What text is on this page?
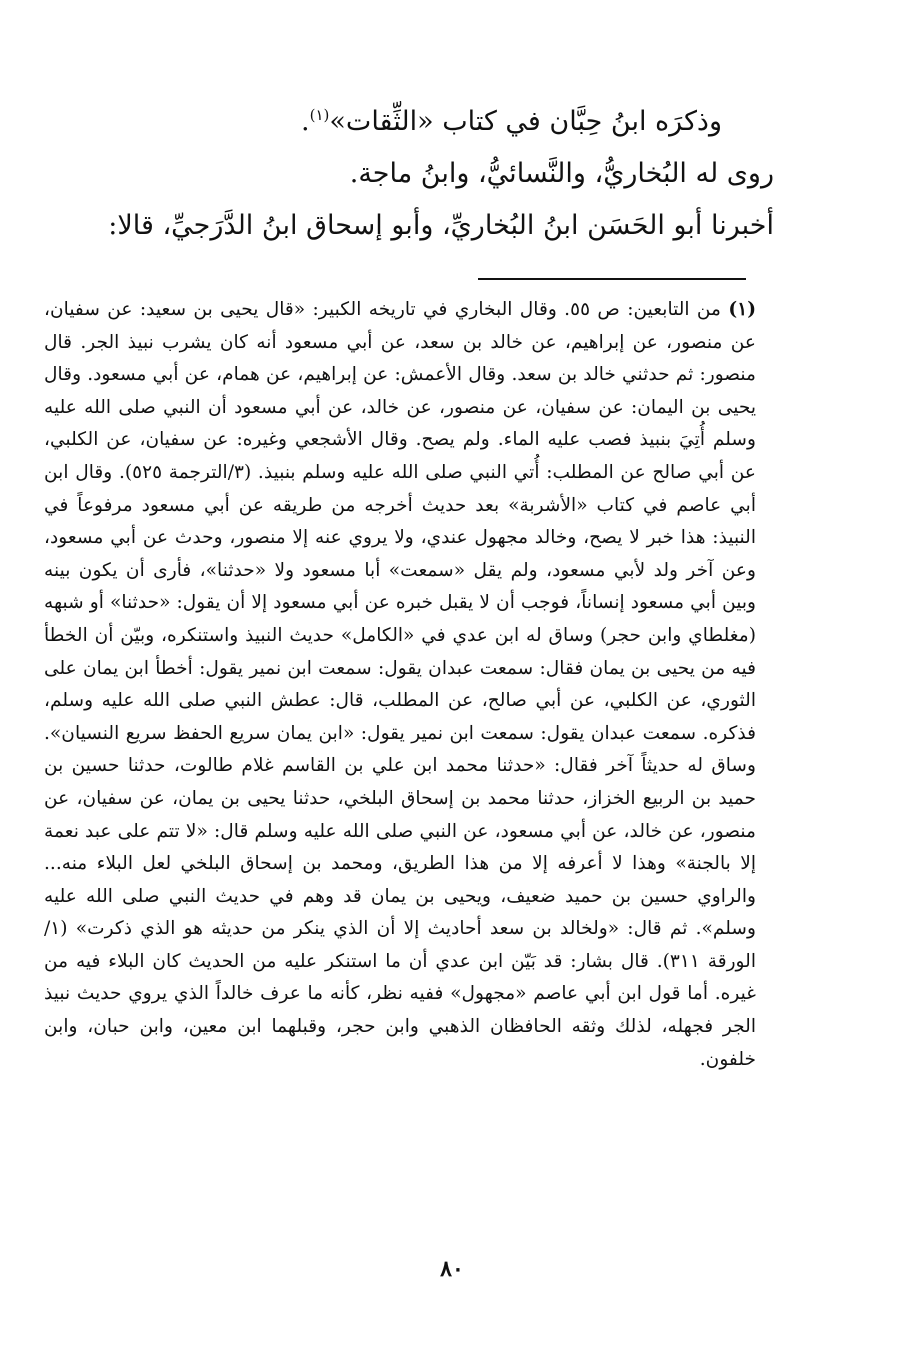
وذكرَه ابنُ حِبَّان في كتاب «الثِّقات»$^{(١)}$.

روى له البُخاريُّ، والنَّسائيُّ، وابنُ ماجة.

أخبرنا أبو الحَسَن ابنُ البُخاريِّ، وأبو إسحاق ابنُ الدَّرَجيِّ، قالا:

(١) من التابعين: ص ٥٥. وقال البخاري في تاريخه الكبير: «قال يحيى بن سعيد: عن سفيان، عن منصور، عن إبراهيم، عن خالد بن سعد، عن أبي مسعود أنه كان يشرب نبيذ الجر. قال منصور: ثم حدثني خالد بن سعد. وقال الأعمش: عن إبراهيم، عن همام، عن أبي مسعود. وقال يحيى بن اليمان: عن سفيان، عن منصور، عن خالد، عن أبي مسعود أن النبي صلى الله عليه وسلم أُتِيَ بنبيذ فصب عليه الماء. ولم يصح. وقال الأشجعي وغيره: عن سفيان، عن الكلبي، عن أبي صالح عن المطلب: أُتي النبي صلى الله عليه وسلم بنبيذ. (٣/الترجمة ٥٢٥). وقال ابن أبي عاصم في كتاب «الأشربة» بعد حديث أخرجه من طريقه عن أبي مسعود مرفوعاً في النبيذ: هذا خبر لا يصح، وخالد مجهول عندي، ولا يروي عنه إلا منصور، وحدث عن أبي مسعود، وعن آخر ولد لأبي مسعود، ولم يقل «سمعت» أبا مسعود ولا «حدثنا»، فأرى أن يكون بينه وبين أبي مسعود إنساناً، فوجب أن لا يقبل خبره عن أبي مسعود إلا أن يقول: «حدثنا» أو شبهه (مغلطاي وابن حجر) وساق له ابن عدي في «الكامل» حديث النبيذ واستنكره، وبيّن أن الخطأ فيه من يحيى بن يمان فقال: سمعت عبدان يقول: سمعت ابن نمير يقول: أخطأ ابن يمان على الثوري، عن الكلبي، عن أبي صالح، عن المطلب، قال: عطش النبي صلى الله عليه وسلم، فذكره. سمعت عبدان يقول: سمعت ابن نمير يقول: «ابن يمان سريع الحفظ سريع النسيان». وساق له حديثاً آخر فقال: «حدثنا محمد ابن علي بن القاسم غلام طالوت، حدثنا حسين بن حميد بن الربيع الخزاز، حدثنا محمد بن إسحاق البلخي، حدثنا يحيى بن يمان، عن سفيان، عن منصور، عن خالد، عن أبي مسعود، عن النبي صلى الله عليه وسلم قال: «لا تتم على عبد نعمة إلا بالجنة» وهذا لا أعرفه إلا من هذا الطريق، ومحمد بن إسحاق البلخي لعل البلاء منه... والراوي حسين بن حميد ضعيف، ويحيى بن يمان قد وهم في حديث النبي صلى الله عليه وسلم». ثم قال: «ولخالد بن سعد أحاديث إلا أن الذي ينكر من حديثه هو الذي ذكرت» (١/الورقة ٣١١). قال بشار: قد بَيّن ابن عدي أن ما استنكر عليه من الحديث كان البلاء فيه من غيره. أما قول ابن أبي عاصم «مجهول» ففيه نظر، كأنه ما عرف خالداً الذي يروي حديث نبيذ الجر فجهله، لذلك وثقه الحافظان الذهبي وابن حجر، وقبلهما ابن معين، وابن حبان، وابن خلفون.
٨٠
